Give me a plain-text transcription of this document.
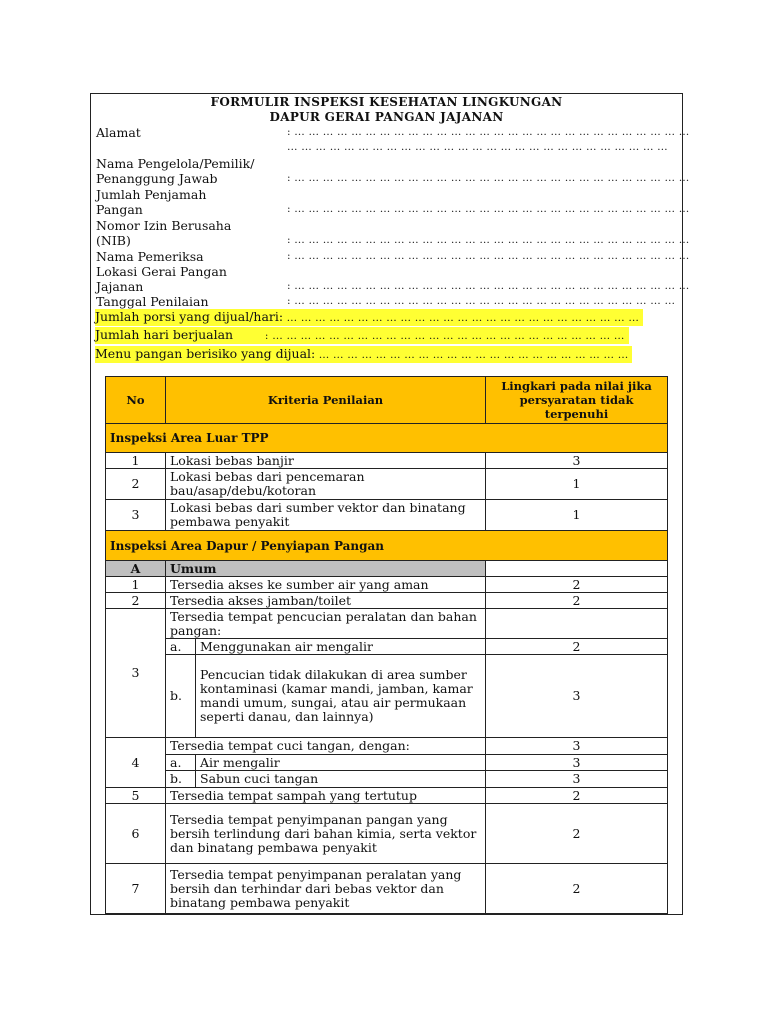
FORMULIR INSPEKSI KESEHATAN LINGKUNGAN
DAPUR GERAI PANGAN JAJANAN
Alamat	: … … … … … … … … … … … … … … … … … … … … … … … … … … … …
… … … … … … … … … … … … … … … … … … … … … … … … … … …
Nama Pengelola/Pemilik/
Penanggung Jawab	: … … … … … … … … … … … … … … … … … … … … … … … … … … … …
Jumlah Penjamah
Pangan	: … … … … … … … … … … … … … … … … … … … … … … … … … … … …
Nomor Izin Berusaha
(NIB)	: … … … … … … … … … … … … … … … … … … … … … … … … … … … …
Nama Pemeriksa	: … … … … … … … … … … … … … … … … … … … … … … … … … … … …
Lokasi Gerai Pangan
Jajanan	: … … … … … … … … … … … … … … … … … … … … … … … … … … … …
Tanggal Penilaian	: … … … … … … … … … … … … … … … … … … … … … … … … … … …
Jumlah porsi yang dijual/hari: … … … … … … … … … … … … … … … … … … … … … … … … …
Jumlah hari berjualan         : … … … … … … … … … … … … … … … … … … … … … … … … …
Menu pangan berisiko yang dijual: … … … … … … … … … … … … … … … … … … … … … …
No	Kriteria Penilaian		Lingkari pada nilai jika persyaratan tidak terpenuhi
Inspeksi Area Luar TPP			
1	Lokasi bebas banjir		3
2	Lokasi bebas dari pencemaran bau/asap/debu/kotoran		1
3	Lokasi bebas dari sumber vektor dan binatang pembawa penyakit		1
Inspeksi Area Dapur / Penyiapan Pangan			
A	Umum		
1	Tersedia akses ke sumber air yang aman		2
2	Tersedia akses jamban/toilet		2
3	Tersedia tempat pencucian peralatan dan bahan pangan:		
	a.	Menggunakan air mengalir	2
	b.	Pencucian tidak dilakukan di area sumber kontaminasi (kamar mandi, jamban, kamar mandi umum, sungai, atau air permukaan seperti danau, dan lainnya)	3
4	Tersedia tempat cuci tangan, dengan:		3
	a.	Air mengalir	3
	b.	Sabun cuci tangan	3
5	Tersedia tempat sampah yang tertutup		2
6	Tersedia tempat penyimpanan pangan yang bersih terlindung dari bahan kimia, serta vektor dan binatang pembawa penyakit		2
7	Tersedia tempat penyimpanan peralatan yang bersih dan terhindar dari bebas vektor dan binatang pembawa penyakit		2
